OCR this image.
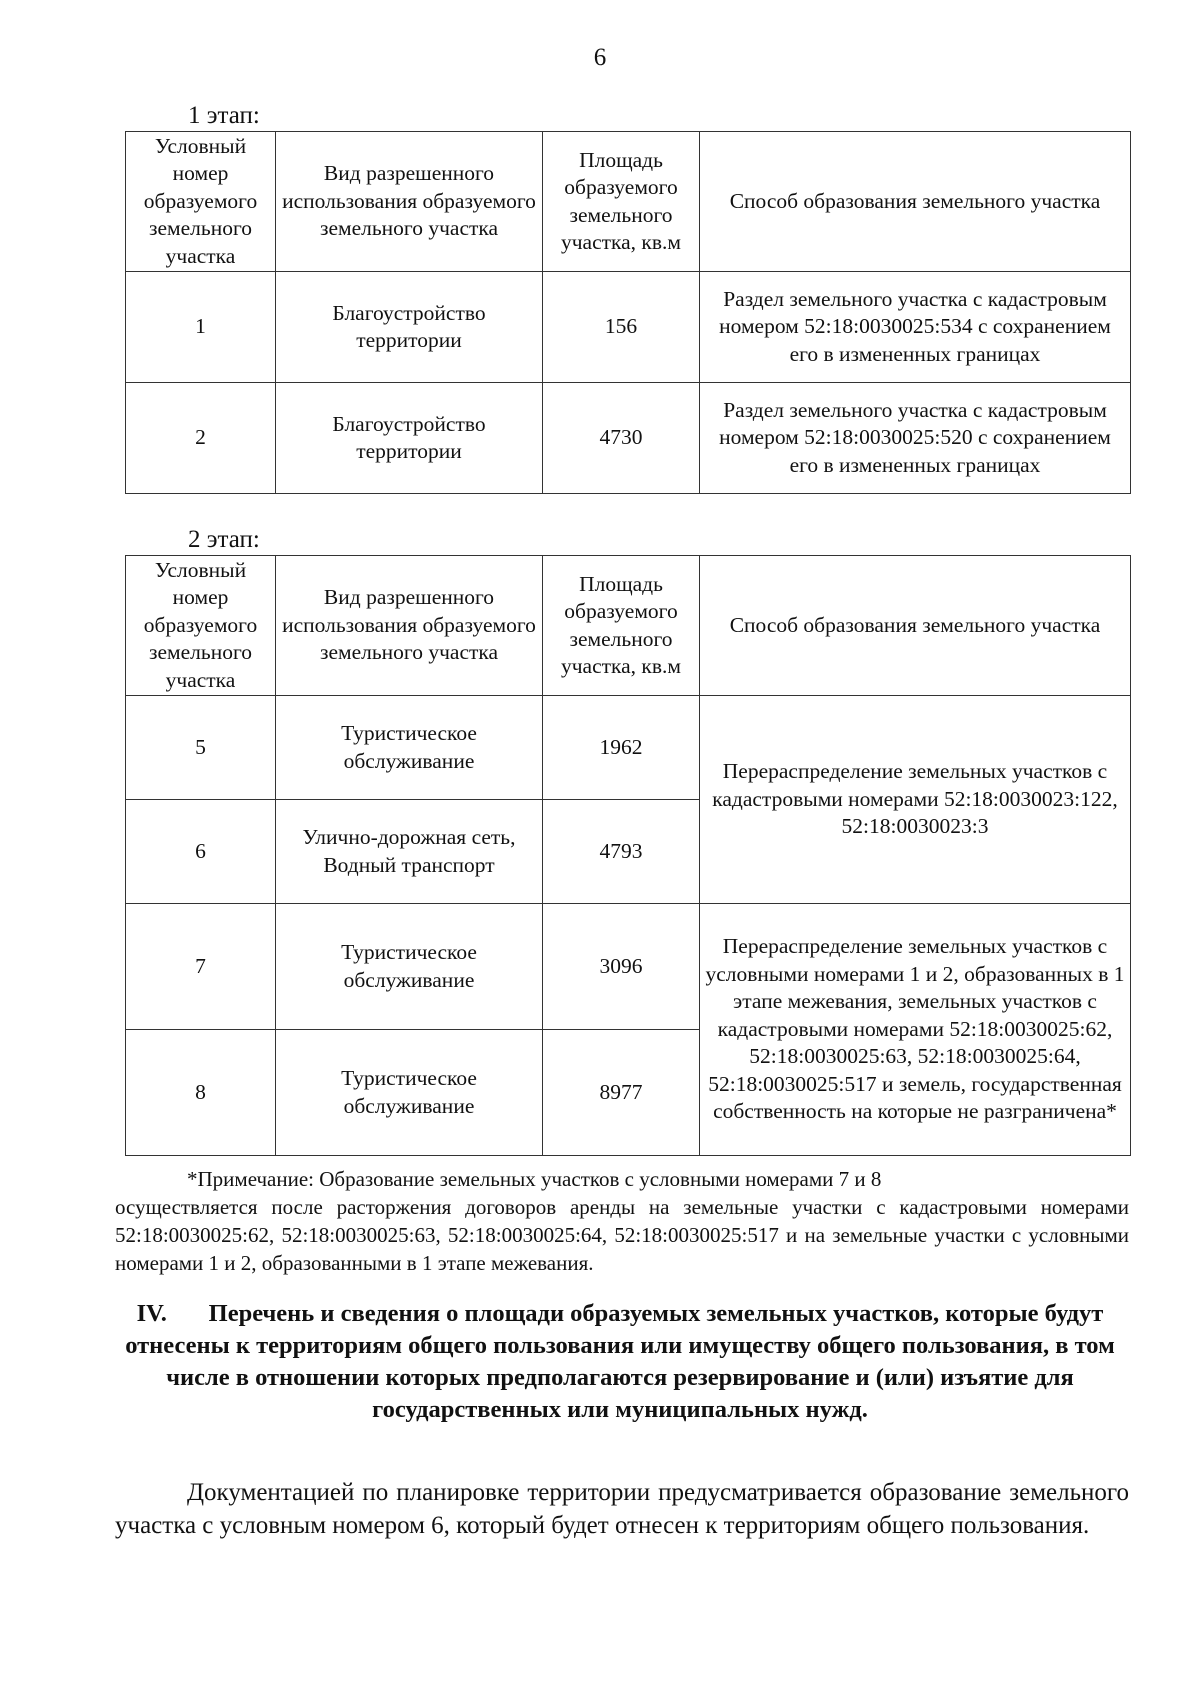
6
1 этап:
Условный номер образуемого земельного участка	Вид разрешенного использования образуемого земельного участка	Площадь образуемого земельного участка, кв.м	Способ образования земельного участка
1	Благоустройство территории	156	Раздел земельного участка с кадастровым номером 52:18:0030025:534 с сохранением его в измененных границах
2	Благоустройство территории	4730	Раздел земельного участка с кадастровым номером 52:18:0030025:520 с сохранением его в измененных границах
2 этап:
Условный номер образуемого земельного участка	Вид разрешенного использования образуемого земельного участка	Площадь образуемого земельного участка, кв.м	Способ образования земельного участка
5	Туристическое обслуживание	1962	Перераспределение земельных участков с кадастровыми номерами 52:18:0030023:122, 52:18:0030023:3
6	Улично-дорожная сеть, Водный транспорт	4793	
7	Туристическое обслуживание	3096	Перераспределение земельных участков с условными номерами 1 и 2, образованных в 1 этапе межевания, земельных участков с кадастровыми номерами 52:18:0030025:62, 52:18:0030025:63, 52:18:0030025:64, 52:18:0030025:517 и земель, государственная собственность на которые не разграничена*
8	Туристическое обслуживание	8977	
*Примечание: Образование земельных участков с условными номерами 7 и 8
осуществляется после расторжения договоров аренды на земельные участки с кадастровыми номерами 52:18:0030025:62, 52:18:0030025:63, 52:18:0030025:64, 52:18:0030025:517 и на земельные участки с условными номерами 1 и 2, образованными в 1 этапе межевания.
IV. Перечень и сведения о площади образуемых земельных участков, которые будут отнесены к территориям общего пользования или имуществу общего пользования, в том числе в отношении которых предполагаются резервирование и (или) изъятие для государственных или муниципальных нужд.
Документацией по планировке территории предусматривается образование земельного участка с условным номером 6, который будет отнесен к территориям общего пользования.
